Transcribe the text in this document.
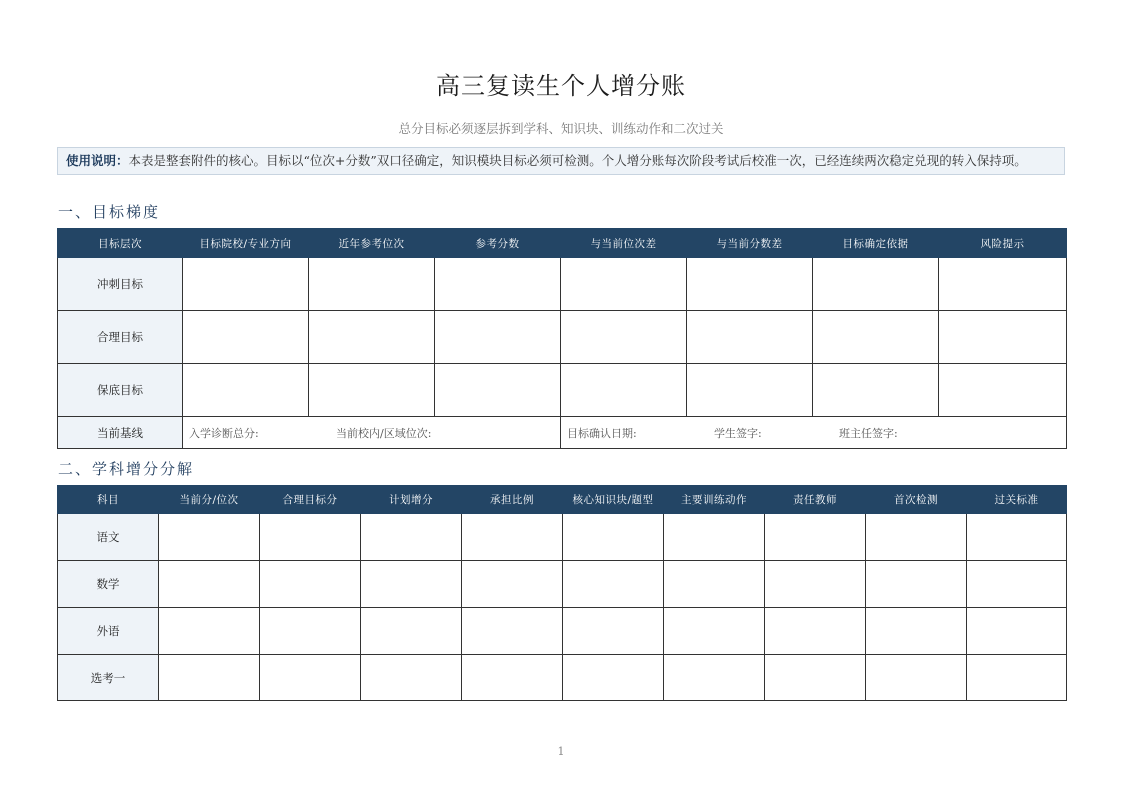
高三复读生个人增分账
总分目标必须逐层拆到学科、知识块、训练动作和二次过关
使用说明：本表是整套附件的核心。目标以“位次+分数”双口径确定，知识模块目标必须可检测。个人增分账每次阶段考试后校准一次，已经连续两次稳定兑现的转入保持项。
一、目标梯度
目标层次	目标院校/专业方向	近年参考位次	参考分数	与当前位次差	与当前分数差	目标确定依据	风险提示
冲刺目标							
合理目标							
保底目标							
当前基线	入学诊断总分: 当前校内/区域位次:			目标确认日期: 学生签字: 班主任签字:			
二、学科增分分解
科目	当前分/位次	合理目标分	计划增分	承担比例	核心知识块/题型	主要训练动作	责任教师	首次检测	过关标准
语文									
数学									
外语									
选考一									
1
